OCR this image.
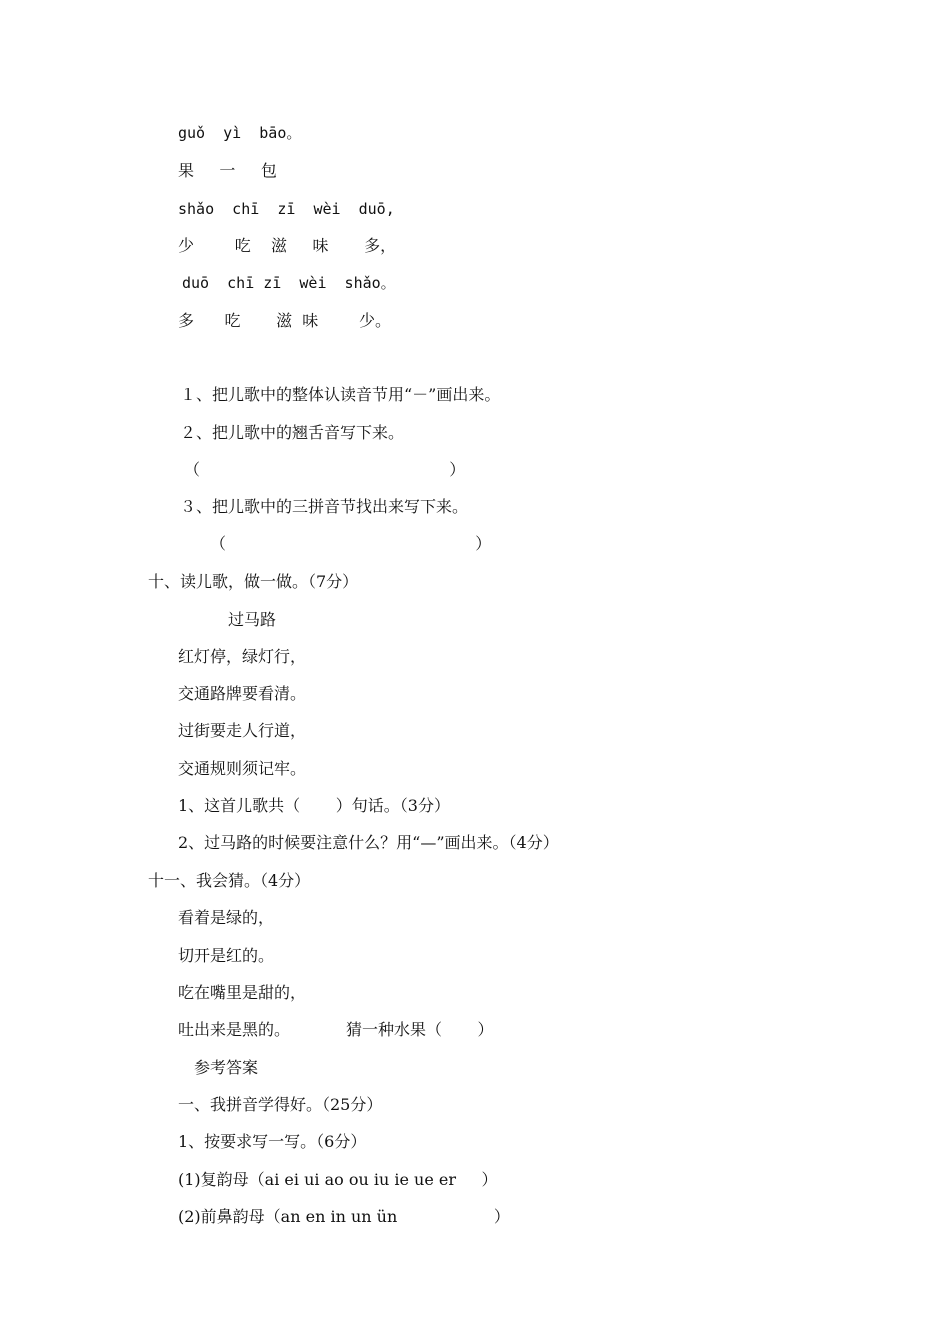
guǒ  yì  bāo。
果     一     包
shǎo  chī  zī  wèi  duō,
少        吃    滋     味       多，
duō  chī zī  wèi  shǎo。
多      吃       滋  味        少。
１、把儿歌中的整体认读音节用“－”画出来。
２、把儿歌中的翘舌音写下来。
（                                                 ）
３、把儿歌中的三拼音节找出来写下来。
（                                                 ）
十、读儿歌，做一做。（7分）
过马路
红灯停，绿灯行，
交通路牌要看清。
过街要走人行道，
交通规则须记牢。
1、这首儿歌共（       ）句话。（3分）
2、过马路的时候要注意什么？用“—”画出来。（4分）
十一、我会猜。（4分）
看着是绿的，
切开是红的。
吃在嘴里是甜的，
吐出来是黑的。           猜一种水果（       ）
参考答案
一、我拼音学得好。（25分）
1、按要求写一写。（6分）
(1)复韵母（ai ei ui ao ou iu ie ue er     ）
(2)前鼻韵母（an en in un ün                   ）
